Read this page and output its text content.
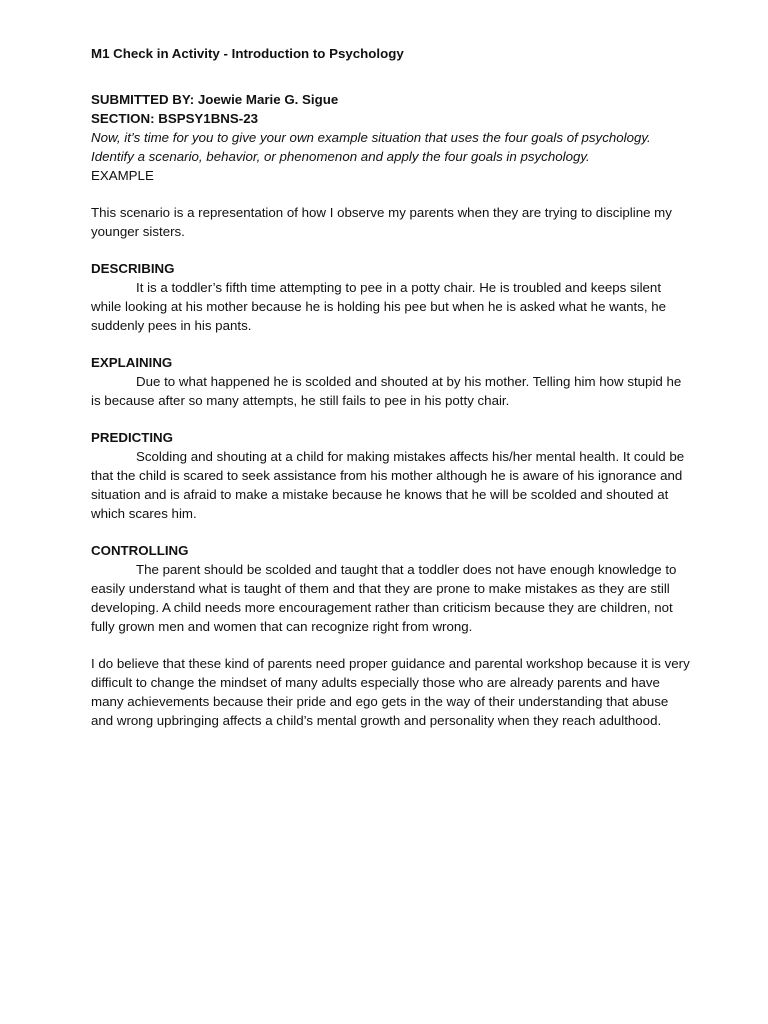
M1 Check in Activity - Introduction to Psychology

SUBMITTED BY: Joewie Marie G. Sigue

SECTION: BSPSY1BNS-23

Now, it’s time for you to give your own example situation that uses the four goals of psychology. Identify a scenario, behavior, or phenomenon and apply the four goals in psychology.

EXAMPLE

This scenario is a representation of how I observe my parents when they are trying to discipline my younger sisters.

DESCRIBING

It is a toddler’s fifth time attempting to pee in a potty chair. He is troubled and keeps silent while looking at his mother because he is holding his pee but when he is asked what he wants, he suddenly pees in his pants.

EXPLAINING

Due to what happened he is scolded and shouted at by his mother. Telling him how stupid he is because after so many attempts, he still fails to pee in his potty chair.

PREDICTING

Scolding and shouting at a child for making mistakes affects his/her mental health. It could be that the child is scared to seek assistance from his mother although he is aware of his ignorance and situation and is afraid to make a mistake because he knows that he will be scolded and shouted at which scares him.

CONTROLLING

The parent should be scolded and taught that a toddler does not have enough knowledge to easily understand what is taught of them and that they are prone to make mistakes as they are still developing. A child needs more encouragement rather than criticism because they are children, not fully grown men and women that can recognize right from wrong.

I do believe that these kind of parents need proper guidance and parental workshop because it is very difficult to change the mindset of many adults especially those who are already parents and have many achievements because their pride and ego gets in the way of their understanding that abuse and wrong upbringing affects a child’s mental growth and personality when they reach adulthood.
